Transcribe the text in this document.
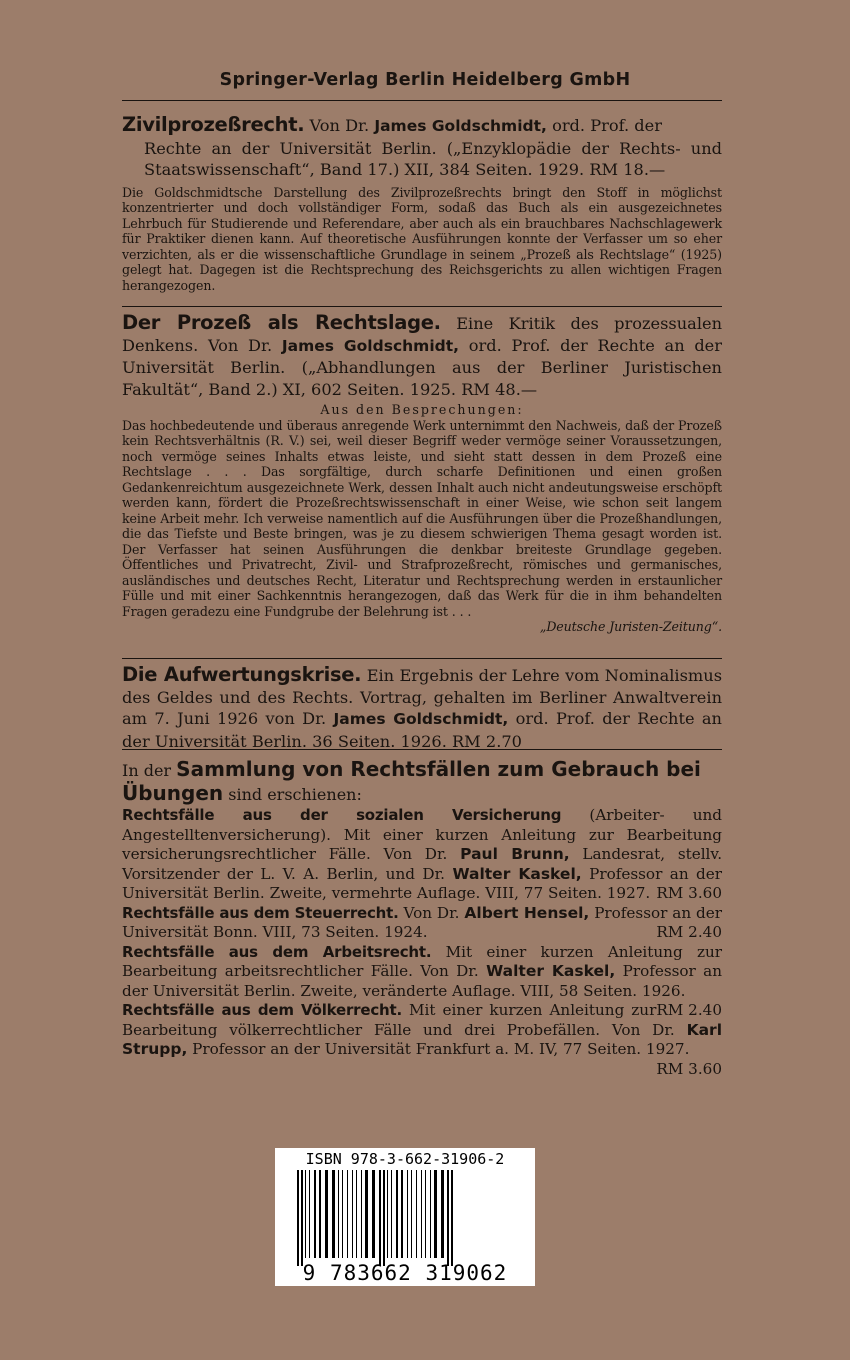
Springer-Verlag Berlin Heidelberg GmbH
Zivilprozeßrecht. Von Dr. James Goldschmidt, ord. Prof. der
Rechte an der Universität Berlin. („Enzyklopädie der Rechts- und Staatswissenschaft“, Band 17.) XII, 384 Seiten. 1929. RM 18.—

Die Goldschmidtsche Darstellung des Zivilprozeßrechts bringt den Stoff in möglichst konzentrierter und doch vollständiger Form, sodaß das Buch als ein ausgezeichnetes Lehrbuch für Studierende und Referendare, aber auch als ein brauchbares Nachschlagewerk für Praktiker dienen kann. Auf theoretische Ausführungen konnte der Verfasser um so eher verzichten, als er die wissenschaftliche Grundlage in seinem „Prozeß als Rechtslage“ (1925) gelegt hat. Dagegen ist die Rechtsprechung des Reichsgerichts zu allen wichtigen Fragen herangezogen.

Der Prozeß als Rechtslage. Eine Kritik des prozessualen Denkens. Von Dr. James Goldschmidt, ord. Prof. der Rechte an der Universität Berlin. („Abhandlungen aus der Berliner Juristischen Fakultät“, Band 2.) XI, 602 Seiten. 1925. RM 48.—

Aus den Besprechungen:

Das hochbedeutende und überaus anregende Werk unternimmt den Nachweis, daß der Prozeß kein Rechtsverhältnis (R. V.) sei, weil dieser Begriff weder vermöge seiner Voraussetzungen, noch vermöge seines Inhalts etwas leiste, und sieht statt dessen in dem Prozeß eine Rechtslage . . . Das sorgfältige, durch scharfe Definitionen und einen großen Gedankenreichtum ausgezeichnete Werk, dessen Inhalt auch nicht andeutungsweise erschöpft werden kann, fördert die Prozeßrechtswissenschaft in einer Weise, wie schon seit langem keine Arbeit mehr. Ich verweise namentlich auf die Ausführungen über die Prozeßhandlungen, die das Tiefste und Beste bringen, was je zu diesem schwierigen Thema gesagt worden ist. Der Verfasser hat seinen Ausführungen die denkbar breiteste Grundlage gegeben. Öffentliches und Privatrecht, Zivil- und Strafprozeßrecht, römisches und germanisches, ausländisches und deutsches Recht, Literatur und Rechtsprechung werden in erstaunlicher Fülle und mit einer Sachkenntnis herangezogen, daß das Werk für die in ihm behandelten Fragen geradezu eine Fundgrube der Belehrung ist . . .

„Deutsche Juristen-Zeitung“.

Die Aufwertungskrise. Ein Ergebnis der Lehre vom Nominalismus des Geldes und des Rechts. Vortrag, gehalten im Berliner Anwaltverein am 7. Juni 1926 von Dr. James Goldschmidt, ord. Prof. der Rechte an der Universität Berlin. 36 Seiten. 1926. RM 2.70
In der Sammlung von Rechtsfällen zum Gebrauch bei Übungen sind erschienen:
Rechtsfälle aus der sozialen Versicherung (Arbeiter- und Angestelltenversicherung). Mit einer kurzen Anleitung zur Bearbeitung versicherungsrechtlicher Fälle. Von Dr. Paul Brunn, Landesrat, stellv. Vorsitzender der L. V. A. Berlin, und Dr. Walter Kaskel, Professor an der Universität Berlin. Zweite, vermehrte Auflage. VIII, 77 Seiten. 1927. RM 3.60
Rechtsfälle aus dem Steuerrecht. Von Dr. Albert Hensel, Professor an der Universität Bonn. VIII, 73 Seiten. 1924.	RM 2.40
Rechtsfälle aus dem Arbeitsrecht. Mit einer kurzen Anleitung zur Bearbeitung arbeitsrechtlicher Fälle. Von Dr. Walter Kaskel, Professor an der Universität Berlin. Zweite, veränderte Auflage. VIII, 58 Seiten. 1926.
RM 2.40
Rechtsfälle aus dem Völkerrecht. Mit einer kurzen Anleitung zur Bearbeitung völkerrechtlicher Fälle und drei Probefällen. Von Dr. Karl Strupp, Professor an der Universität Frankfurt a. M. IV, 77 Seiten. 1927.
RM 3.60
ISBN 978-3-662-31906-2
9 783662 319062
